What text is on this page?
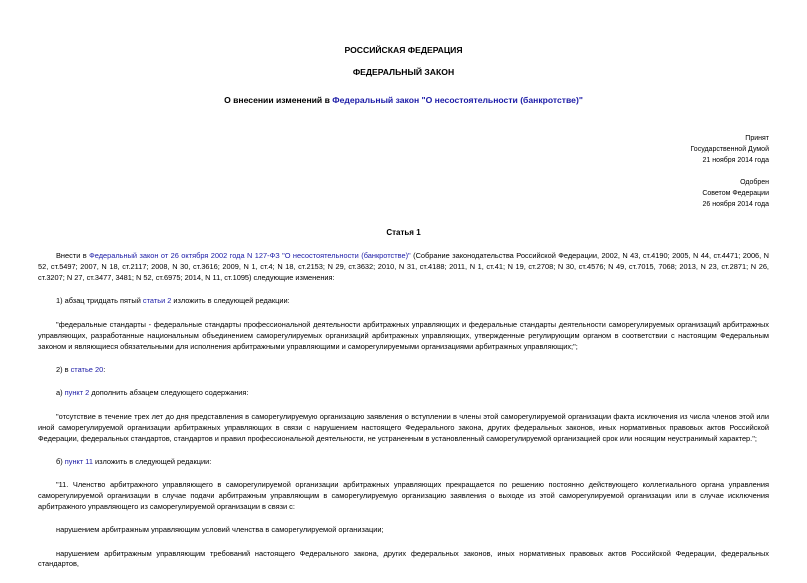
РОССИЙСКАЯ ФЕДЕРАЦИЯ
ФЕДЕРАЛЬНЫЙ ЗАКОН
О внесении изменений в Федеральный закон "О несостоятельности (банкротстве)"
Принят
Государственной Думой
21 ноября 2014 года
Одобрен
Советом Федерации
26 ноября 2014 года
Статья 1

Внести в Федеральный закон от 26 октября 2002 года N 127-ФЗ "О несостоятельности (банкротстве)" (Собрание законодательства Российской Федерации, 2002, N 43, ст.4190; 2005, N 44, ст.4471; 2006, N 52, ст.5497; 2007, N 18, ст.2117; 2008, N 30, ст.3616; 2009, N 1, ст.4; N 18, ст.2153; N 29, ст.3632; 2010, N 31, ст.4188; 2011, N 1, ст.41; N 19, ст.2708; N 30, ст.4576; N 49, ст.7015, 7068; 2013, N 23, ст.2871; N 26, ст.3207; N 27, ст.3477, 3481; N 52, ст.6975; 2014, N 11, ст.1095) следующие изменения:

1) абзац тридцать пятый статьи 2 изложить в следующей редакции:

"федеральные стандарты - федеральные стандарты профессиональной деятельности арбитражных управляющих и федеральные стандарты деятельности саморегулируемых организаций арбитражных управляющих, разработанные национальным объединением саморегулируемых организаций арбитражных управляющих, утвержденные регулирующим органом в соответствии с настоящим Федеральным законом и являющиеся обязательными для исполнения арбитражными управляющими и саморегулируемыми организациями арбитражных управляющих;";

2) в статье 20:

а) пункт 2 дополнить абзацем следующего содержания:

"отсутствие в течение трех лет до дня представления в саморегулируемую организацию заявления о вступлении в члены этой саморегулируемой организации факта исключения из числа членов этой или иной саморегулируемой организации арбитражных управляющих в связи с нарушением настоящего Федерального закона, других федеральных законов, иных нормативных правовых актов Российской Федерации, федеральных стандартов, стандартов и правил профессиональной деятельности, не устраненным в установленный саморегулируемой организацией срок или носящим неустранимый характер.";

б) пункт 11 изложить в следующей редакции:

"11. Членство арбитражного управляющего в саморегулируемой организации арбитражных управляющих прекращается по решению постоянно действующего коллегиального органа управления саморегулируемой организации в случае подачи арбитражным управляющим в саморегулируемую организацию заявления о выходе из этой саморегулируемой организации или в случае исключения арбитражного управляющего из саморегулируемой организации в связи с:

нарушением арбитражным управляющим условий членства в саморегулируемой организации;

нарушением арбитражным управляющим требований настоящего Федерального закона, других федеральных законов, иных нормативных правовых актов Российской Федерации, федеральных стандартов,
